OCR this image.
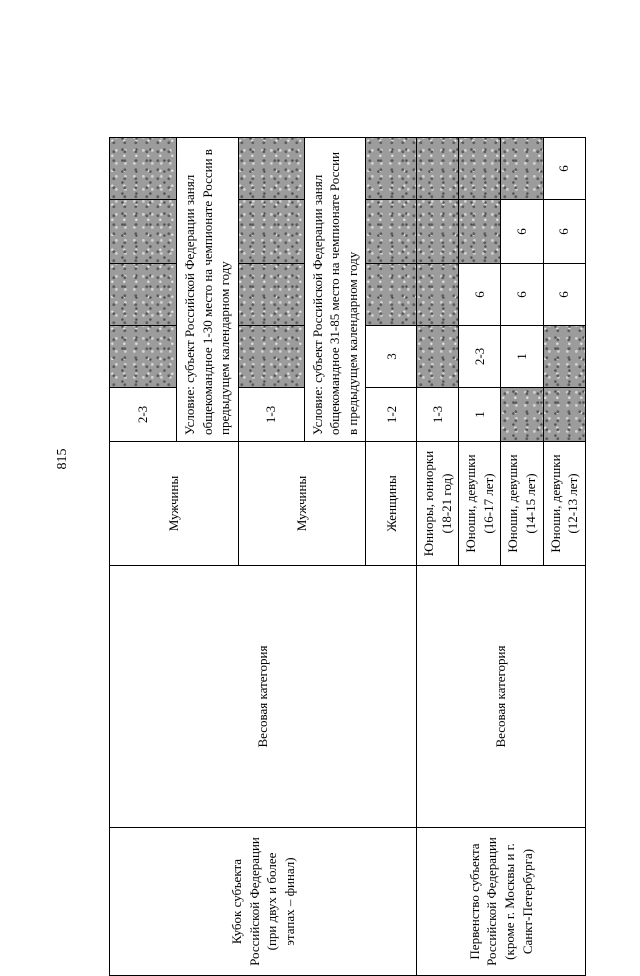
815
Кубок субъекта Российской Федерации (при двух и более этапах – финал)	Весовая категория	Мужчины	2-3				
			Условие: субъект Российской Федерации занял общекомандное 1-30 место на чемпионате России в предыдущем календарном году				
		Мужчины	1-3				
			Условие: субъект Российской Федерации занял общекомандное 31-85 место на чемпионате России в предыдущем календарном году				
		Женщины	1-2	3			
Первенство субъекта Российской Федерации (кроме г. Москвы и г. Санкт-Петербурга)	Весовая категория	Юниоры, юниорки (18-21 год)	1-3				
		Юноши, девушки (16-17 лет)	1	2-3	6		
		Юноши, девушки (14-15 лет)		1	6	6	
		Юноши, девушки (12-13 лет)			6	6	6
